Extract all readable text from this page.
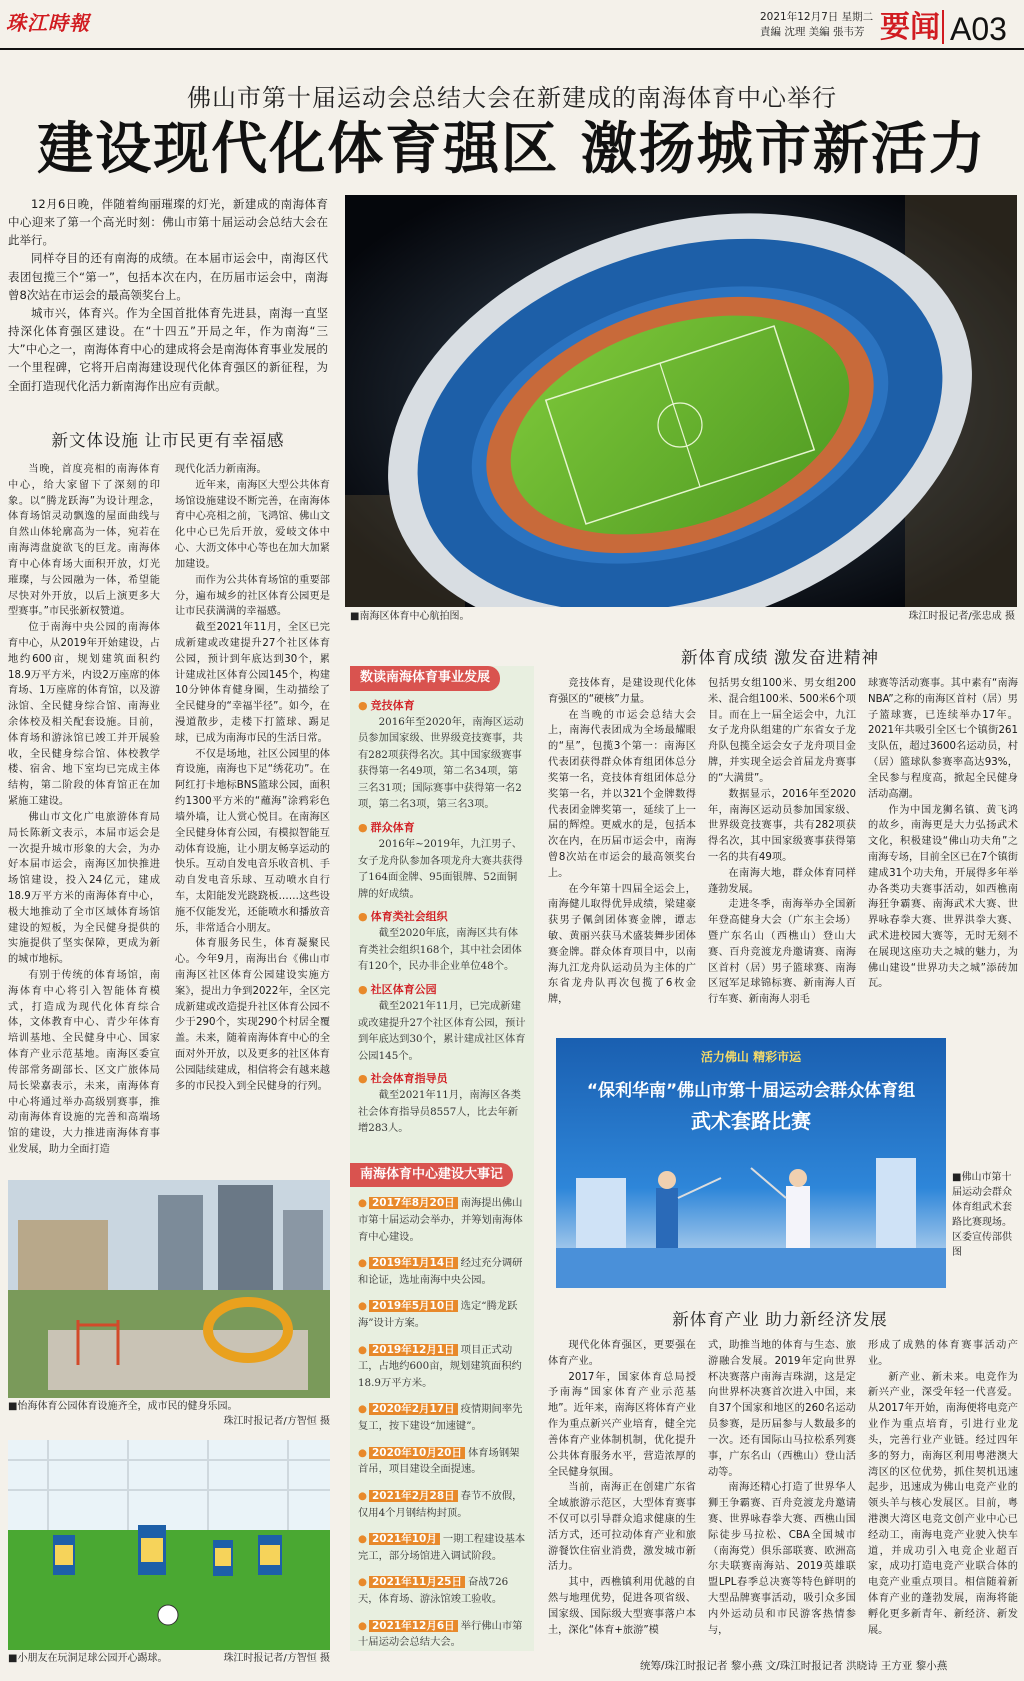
珠江時報	2021年12月7日 星期二
責編 沈理 美編 張韦芳 要闻 A03
佛山市第十届运动会总结大会在新建成的南海体育中心举行
建设现代化体育强区 激扬城市新活力

12月6日晚，伴随着绚丽璀璨的灯光，新建成的南海体育中心迎来了第一个高光时刻：佛山市第十届运动会总结大会在此举行。

同样夺目的还有南海的成绩。在本届市运会中，南海区代表团包揽三个“第一”，包括本次在内，在历届市运会中，南海曾8次站在市运会的最高领奖台上。

城市兴，体育兴。作为全国首批体育先进县，南海一直坚持深化体育强区建设。在“十四五”开局之年，作为南海“三大”中心之一，南海体育中心的建成将会是南海体育事业发展的一个里程碑，它将开启南海建设现代化体育强区的新征程，为全面打造现代化活力新南海作出应有贡献。

■南海区体育中心航拍图。	珠江时报记者/张忠成 摄
新文体设施 让市民更有幸福感

当晚，首度亮相的南海体育中心，给大家留下了深刻的印象。以“腾龙跃海”为设计理念，体育场馆灵动飘逸的屋面曲线与自然山体轮廓高为一体，宛若在南海湾盘旋欲飞的巨龙。南海体育中心体育场大面积开放，灯光璀璨，与公园融为一体，希望能尽快对外开放，以后上演更多大型赛事。”市民张新权赞道。

位于南海中央公园的南海体育中心，从2019年开始建设，占地约600亩，规划建筑面积约18.9万平方米，内设2万座席的体育场、1万座席的体育馆，以及游泳馆、全民健身综合馆、南海业余体校及相关配套设施。目前，体育场和游泳馆已竣工并开展验收，全民健身综合馆、体校教学楼、宿舍、地下室均已完成主体结构，第二阶段的体育馆正在加紧施工建设。

佛山市文化广电旅游体育局局长陈新文表示，本届市运会是一次提升城市形象的大会，为办好本届市运会，南海区加快推进场馆建设，投入24亿元，建成18.9万平方米的南海体育中心，极大地推动了全市区域体育场馆建设的短板，为全民健身提供的实施提供了坚实保障，更成为新的城市地标。

有别于传统的体育场馆，南海体育中心将引入智能体育模式，打造成为现代化体育综合体，文体教育中心、青少年体育培训基地、全民健身中心、国家体育产业示范基地。南海区委宣传部常务副部长、区文广旅体局局长梁嘉表示，未来，南海体育中心将通过举办高级别赛事，推动南海体育设施的完善和高端场馆的建设，大力推进南海体育事业发展，助力全面打造

现代化活力新南海。

近年来，南海区大型公共体育场馆设施建设不断完善，在南海体育中心亮相之前，飞鸿馆、佛山文化中心已先后开放，爱岐文体中心、大沥文体中心等也在加大加紧加建设。

而作为公共体育场馆的重要部分，遍布城乡的社区体育公园更是让市民获满满的幸福感。

截至2021年11月，全区已完成新建或改建提升27个社区体育公园，预计到年底达到30个，累计建成社区体育公园145个，构建10分钟体育健身圈，生动描绘了全民健身的“幸福半径”。如今，在漫道散步，走楼下打篮球、踢足球，已成为南海市民的生活日常。

不仅是场地，社区公园里的体育设施，南海也下足“绣花功”。在阿红打卡地标BNS篮球公园，面积约1300平方米的“蘸海”涂鸦彩色墙外墙，让人赏心悦目。在南海区全民健身体育公园，有模拟智能互动体育设施，让小朋友畅享运动的快乐。互动自发电音乐收音机、手动自发电音乐球、互动喷水自行车，太阳能发光跷跷板……这些设施不仅能发光，还能喷水和播放音乐，非常适合小朋友。

体育服务民生，体育凝聚民心。今年9月，南海出台《佛山市南海区社区体育公园建设实施方案》，提出力争到2022年，全区完成新建或改造提升社区体育公园不少于290个，实现290个村居全覆盖。未来，随着南海体育中心的全面对外开放，以及更多的社区体育公园陆续建成，相信将会有越来越多的市民投入到全民健身的行列。

■怡海体育公园体育设施齐全，成市民的健身乐园。
珠江时报记者/方智恒 摄
■小朋友在玩洞足球公园开心踢球。	珠江时报记者/方智恒 摄
数读南海体育事业发展
● 竞技体育
2016年至2020年，南海区运动员参加国家级、世界级竞技赛事，共有282项获得名次。其中国家级赛事获得第一名49项，第二名34项，第三名31项；国际赛事中获得第一名2项，第二名3项，第三名3项。
● 群众体育
2016年~2019年，九江男子、女子龙舟队参加各项龙舟大赛共获得了164面金牌、95面银牌、52面铜牌的好成绩。
● 体育类社会组织
截至2020年底，南海区共有体育类社会组织168个，其中社会团体有120个，民办非企业单位48个。
● 社区体育公园
截至2021年11月，已完成新建或改建提升27个社区体育公园，预计到年底达到30个，累计建成社区体育公园145个。
● 社会体育指导员
截至2021年11月，南海区各类社会体育指导员8557人，比去年新增283人。
南海体育中心建设大事记
● 2017年8月20日 南海提出佛山市第十届运动会举办，并筹划南海体育中心建设。
● 2019年1月14日 经过充分调研和论证，选址南海中央公园。
● 2019年5月10日 选定“腾龙跃海”设计方案。
● 2019年12月1日 项目正式动工，占地约600亩，规划建筑面积约18.9万平方米。
● 2020年2月17日 疫情期间率先复工，按下建设“加速键”。
● 2020年10月20日 体育场钢架首吊，项目建设全面提速。
● 2021年2月28日 春节不放假，仅用4个月钢结构封顶。
● 2021年10月 一期工程建设基本完工，部分场馆进入调试阶段。
● 2021年11月25日 奋战726天，体育场、游泳馆竣工验收。
● 2021年12月6日 举行佛山市第十届运动会总结大会。
新体育成绩 激发奋进精神

竞技体育，是建设现代化体育强区的“硬核”力量。

在当晚的市运会总结大会上，南海代表团成为全场最耀眼的“星”，包揽3个第一：南海区代表团获得群众体育组团体总分奖第一名，竞技体育组团体总分奖第一名，并以321个金牌数得代表团金牌奖第一，延续了上一届的辉煌。更威水的是，包括本次在内，在历届市运会中，南海曾8次站在市运会的最高领奖台上。

在今年第十四届全运会上，南海健儿取得优异成绩，梁建豪获男子佩剑团体赛金牌，谭志敏、黄丽兴获马术盛装舞步团体赛金牌。群众体育项目中，以南海九江龙舟队运动员为主体的广东省龙舟队再次包揽了6枚金牌，

包括男女组100米、男女组200米、混合组100米、500米6个项目。而在上一届全运会中，九江女子龙舟队组建的广东省女子龙舟队包揽全运会女子龙舟项目金牌，并实现全运会首届龙舟赛事的“大满贯”。

数据显示，2016年至2020年，南海区运动员参加国家级、世界级竞技赛事，共有282项获得名次，其中国家级赛事获得第一名的共有49项。

在南海大地，群众体育同样蓬勃发展。

走进冬季，南海举办全国新年登高健身大会（广东主会场）暨广东名山（西樵山）登山大赛、百舟竞渡龙舟邀请赛、南海区首村（居）男子篮球赛、南海区冠军足球锦标赛、新南海人百行车赛、新南海人羽毛

球赛等活动赛事。其中素有“南海NBA”之称的南海区首村（居）男子篮球赛，已连续举办17年。2021年共吸引全区七个镇街261支队伍，超过3600名运动员，村（居）篮球队参赛率高达93%，全民参与程度高，掀起全民健身活动高潮。

作为中国龙狮名镇、黄飞鸿的故乡，南海更是大力弘扬武术文化，积极建设“佛山功夫角”之南海专场，目前全区已在7个镇街建成31个功夫角，开展得多年举办各类功夫赛事活动，如西樵南海狂争霸赛、南海武术大赛、世界咏春拳大赛、世界洪拳大赛、武术进校园大赛等，无时无刻不在展现这座功夫之城的魅力，为佛山建设“世界功夫之城”添砖加瓦。

活力佛山 精彩市运
“保利华南”佛山市第十届运动会群众体育组
武术套路比赛
■佛山市第十届运动会群众体育组武术套路比赛现场。区委宣传部供图
新体育产业 助力新经济发展

现代化体育强区，更要强在体育产业。

2017年，国家体育总局授予南海“国家体育产业示范基地”。近年来，南海区将体育产业作为重点新兴产业培育，健全完善体育产业体制机制，优化提升公共体育服务水平，营造浓厚的全民健身氛围。

当前，南海正在创建广东省全域旅游示范区，大型体育赛事不仅可以引导群众追求健康的生活方式，还可拉动体育产业和旅游餐饮住宿业消费，激发城市新活力。

其中，西樵镇利用优越的自然与地理优势，促进各项省级、国家级、国际级大型赛事落户本土，深化“体育+旅游”模

式，助推当地的体育与生态、旅游融合发展。2019年定向世界杯决赛落户南海吉珠湖，这是定向世界杯决赛首次进入中国，来自37个国家和地区的260名运动员参赛，是历届参与人数最多的一次。还有国际山马拉松系列赛事，广东名山（西樵山）登山活动等。

南海还精心打造了世界华人狮王争霸赛、百舟竞渡龙舟邀请赛、世界咏春拳大赛、西樵山国际徒步马拉松、CBA全国城市（南海党）俱乐部联赛、欧洲高尔夫联赛南海站、2019英雄联盟LPL春季总决赛等特色鲜明的大型品牌赛事活动，吸引众多国内外运动员和市民游客热情参与，

形成了成熟的体育赛事活动产业。

新产业、新未来。电竞作为新兴产业，深受年轻一代喜爱。从2017年开始，南海便将电竞产业作为重点培育，引进行业龙头，完善行业产业链。经过四年多的努力，南海区利用粤港澳大湾区的区位优势，抓住契机迅速起步，迅速成为佛山电竞产业的领头羊与核心发展区。目前，粤港澳大湾区电竞文创产业中心已经动工，南海电竞产业驶入快车道，并成功引入电竞企业超百家，成功打造电竞产业联合体的电竞产业重点项目。相信随着新体育产业的蓬勃发展，南海将能孵化更多新青年、新经济、新发展。

统筹/珠江时报记者 黎小燕 文/珠江时报记者 洪晓诗 王方亚 黎小燕
